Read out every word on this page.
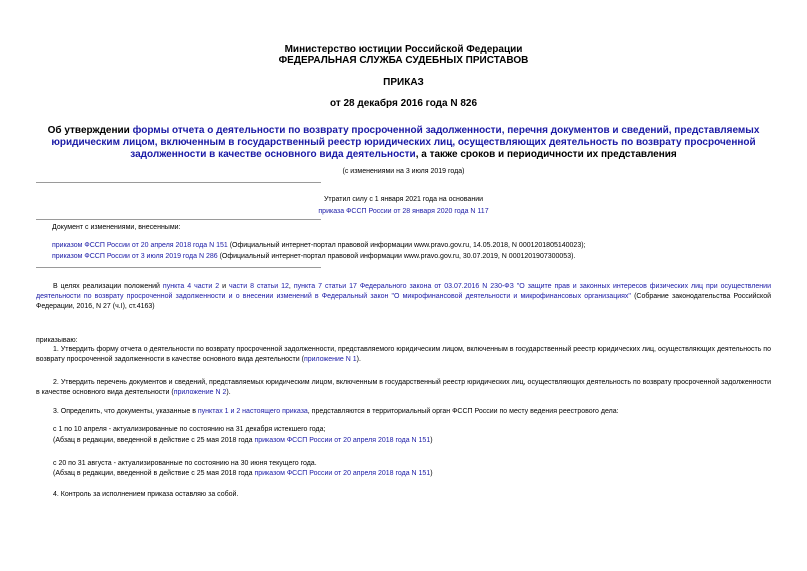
Министерство юстиции Российской Федерации
ФЕДЕРАЛЬНАЯ СЛУЖБА СУДЕБНЫХ ПРИСТАВОВ
ПРИКАЗ
от 28 декабря 2016 года N 826
Об утверждении формы отчета о деятельности по возврату просроченной задолженности, перечня документов и сведений, представляемых юридическим лицом, включенным в государственный реестр юридических лиц, осуществляющих деятельность по возврату просроченной задолженности в качестве основного вида деятельности, а также сроков и периодичности их представления
(с изменениями на 3 июля 2019 года)
Утратил силу с 1 января 2021 года на основании
приказа ФССП России от 28 января 2020 года N 117
Документ с изменениями, внесенными:
приказом ФССП России от 20 апреля 2018 года N 151 (Официальный интернет-портал правовой информации www.pravo.gov.ru, 14.05.2018, N 0001201805140023);
приказом ФССП России от 3 июля 2019 года N 286 (Официальный интернет-портал правовой информации www.pravo.gov.ru, 30.07.2019, N 0001201907300053).
В целях реализации положений пункта 4 части 2 и части 8 статьи 12, пункта 7 статьи 17 Федерального закона от 03.07.2016 N 230-ФЗ "О защите прав и законных интересов физических лиц при осуществлении деятельности по возврату просроченной задолженности и о внесении изменений в Федеральный закон "О микрофинансовой деятельности и микрофинансовых организациях" (Собрание законодательства Российской Федерации, 2016, N 27 (ч.I), ст.4163)
приказываю:
1. Утвердить форму отчета о деятельности по возврату просроченной задолженности, представляемого юридическим лицом, включенным в государственный реестр юридических лиц, осуществляющих деятельность по возврату просроченной задолженности в качестве основного вида деятельности (приложение N 1).
2. Утвердить перечень документов и сведений, представляемых юридическим лицом, включенным в государственный реестр юридических лиц, осуществляющих деятельность по возврату просроченной задолженности в качестве основного вида деятельности (приложение N 2).
3. Определить, что документы, указанные в пунктах 1 и 2 настоящего приказа, представляются в территориальный орган ФССП России по месту ведения реестрового дела:
с 1 по 10 апреля - актуализированные по состоянию на 31 декабря истекшего года;
(Абзац в редакции, введенной в действие с 25 мая 2018 года приказом ФССП России от 20 апреля 2018 года N 151)
с 20 по 31 августа - актуализированные по состоянию на 30 июня текущего года.
(Абзац в редакции, введенной в действие с 25 мая 2018 года приказом ФССП России от 20 апреля 2018 года N 151)
4. Контроль за исполнением приказа оставляю за собой.
